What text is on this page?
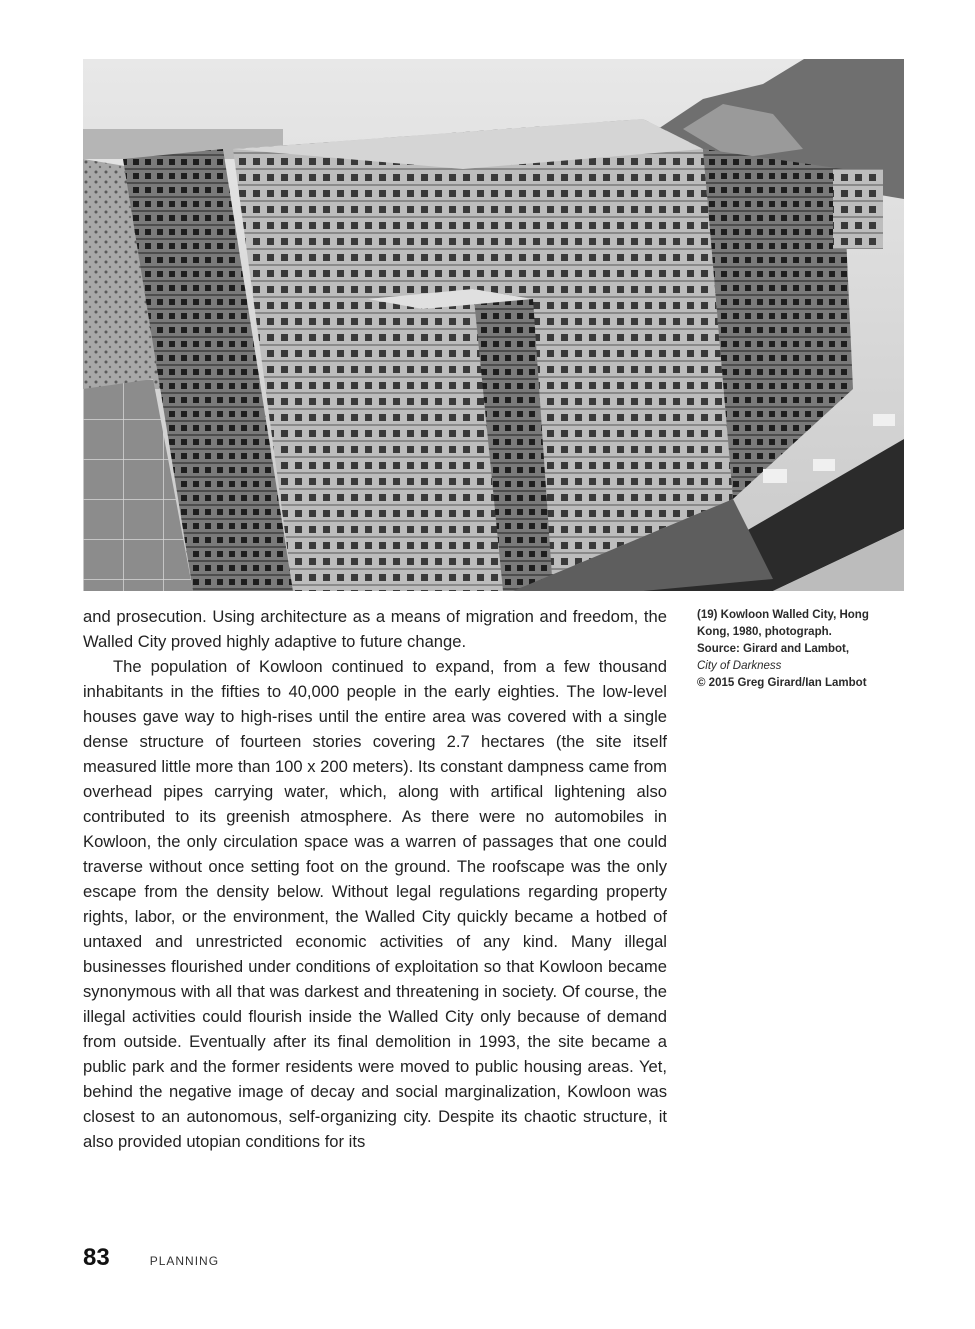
and prosecution. Using architecture as a means of migration and freedom, the Walled City proved highly adaptive to future change.

The population of Kowloon continued to expand, from a few thousand inhabitants in the fifties to 40,000 people in the early eighties. The low-level houses gave way to high-rises until the entire area was covered with a single dense structure of fourteen stories covering 2.7 hectares (the site itself measured little more than 100 x 200 meters). Its constant dampness came from overhead pipes carrying water, which, along with artifical lightening also contributed to its greenish atmosphere. As there were no automobiles in Kowloon, the only circulation space was a warren of passages that one could traverse without once setting foot on the ground. The roofscape was the only escape from the density below. Without legal regulations regarding property rights, labor, or the environment, the Walled City quickly became a hotbed of untaxed and unrestricted economic activities of any kind. Many illegal businesses flourished under conditions of exploitation so that Kowloon became synonymous with all that was darkest and threatening in society. Of course, the illegal activities could flourish inside the Walled City only because of demand from outside. Eventually after its final demolition in 1993, the site became a public park and the former residents were moved to public housing areas. Yet, behind the negative image of decay and social marginalization, Kowloon was closest to an autonomous, self-organizing city. Despite its chaotic structure, it also provided utopian conditions for its

(19) Kowloon Walled City, Hong
Kong, 1980, photograph.
Source: Girard and Lambot,
City of Darkness
© 2015 Greg Girard/Ian Lambot
83	PLANNING
